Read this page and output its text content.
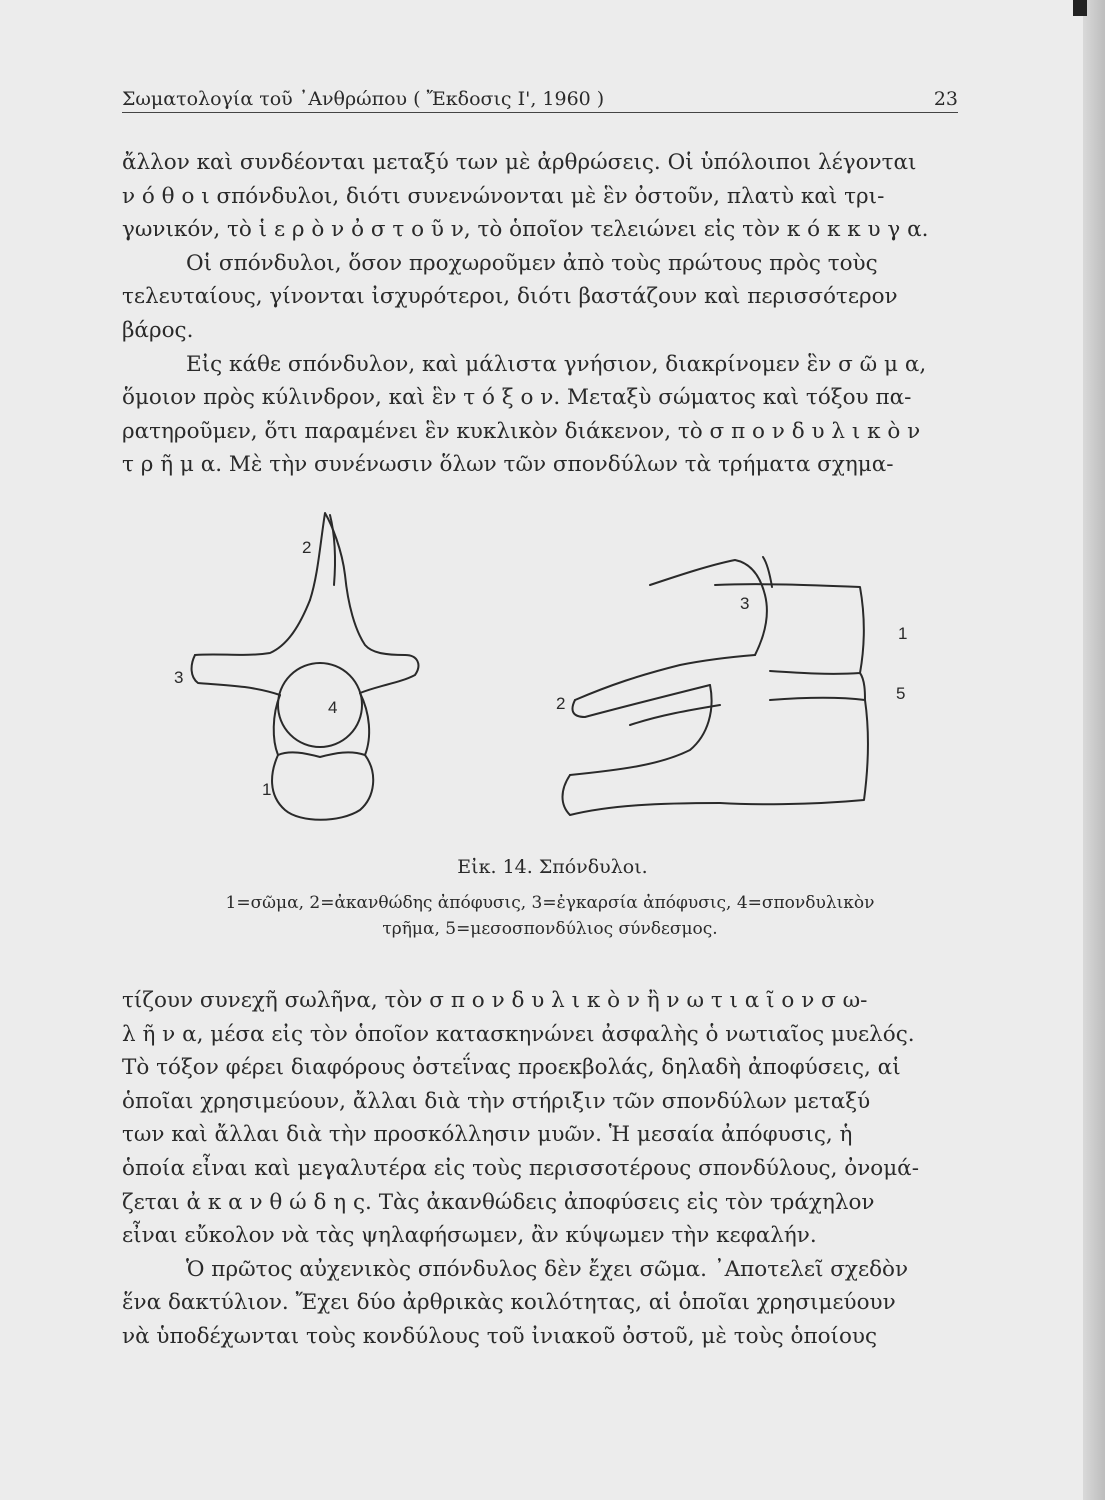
Σωματολογία τοῦ ᾿Ανθρώπου ( Ἔκδοσις Ι', 1960 )	23
ἄλλον καὶ συνδέονται μεταξύ των μὲ ἀρθρώσεις. Οἱ ὑπόλοιποι λέγονται
ν ό θ ο ι σπόνδυλοι, διότι συνενώνονται μὲ ἓν ὀστοῦν, πλατὺ καὶ τρι-
γωνικόν, τὸ ἱ ε ρ ὸ ν ὀ σ τ ο ῦ ν, τὸ ὁποῖον τελειώνει εἰς τὸν κ ό κ κ υ γ α.
Οἱ σπόνδυλοι, ὅσον προχωροῦμεν ἀπὸ τοὺς πρώτους πρὸς τοὺς
τελευταίους, γίνονται ἰσχυρότεροι, διότι βαστάζουν καὶ περισσότερον
βάρος.
Εἰς κάθε σπόνδυλον, καὶ μάλιστα γνήσιον, διακρίνομεν ἓν σ ῶ μ α,
ὅμοιον πρὸς κύλινδρον, καὶ ἓν τ ό ξ ο ν. Μεταξὺ σώματος καὶ τόξου πα-
ρατηροῦμεν, ὅτι παραμένει ἓν κυκλικὸν διάκενον, τὸ σ π ο ν δ υ λ ι κ ὸ ν
τ ρ ῆ μ α. Μὲ τὴν συνένωσιν ὅλων τῶν σπονδύλων τὰ τρήματα σχημα-
2
3
4
1
3
1
2
5
Εἰκ. 14. Σπόνδυλοι.
1=σῶμα, 2=ἀκανθώδης ἀπόφυσις, 3=ἐγκαρσία ἀπόφυσις, 4=σπονδυλικὸν
τρῆμα, 5=μεσοσπονδύλιος σύνδεσμος.
τίζουν συνεχῆ σωλῆνα, τὸν σ π ο ν δ υ λ ι κ ὸ ν ἢ ν ω τ ι α ῖ ο ν σ ω-
λ ῆ ν α, μέσα εἰς τὸν ὁποῖον κατασκηνώνει ἀσφαλὴς ὁ νωτιαῖος μυελός.
Τὸ τόξον φέρει διαφόρους ὀστεΐνας προεκβολάς, δηλαδὴ ἀποφύσεις, αἱ
ὁποῖαι χρησιμεύουν, ἄλλαι διὰ τὴν στήριξιν τῶν σπονδύλων μεταξύ
των καὶ ἄλλαι διὰ τὴν προσκόλλησιν μυῶν. Ἡ μεσαία ἀπόφυσις, ἡ
ὁποία εἶναι καὶ μεγαλυτέρα εἰς τοὺς περισσοτέρους σπονδύλους, ὀνομά-
ζεται ἀ κ α ν θ ώ δ η ς. Τὰς ἀκανθώδεις ἀποφύσεις εἰς τὸν τράχηλον
εἶναι εὔκολον νὰ τὰς ψηλαφήσωμεν, ἂν κύψωμεν τὴν κεφαλήν.
Ὁ πρῶτος αὐχενικὸς σπόνδυλος δὲν ἔχει σῶμα. ᾿Αποτελεῖ σχεδὸν
ἕνα δακτύλιον. Ἔχει δύο ἀρθρικὰς κοιλότητας, αἱ ὁποῖαι χρησιμεύουν
νὰ ὑποδέχωνται τοὺς κονδύλους τοῦ ἰνιακοῦ ὀστοῦ, μὲ τοὺς ὁποίους
